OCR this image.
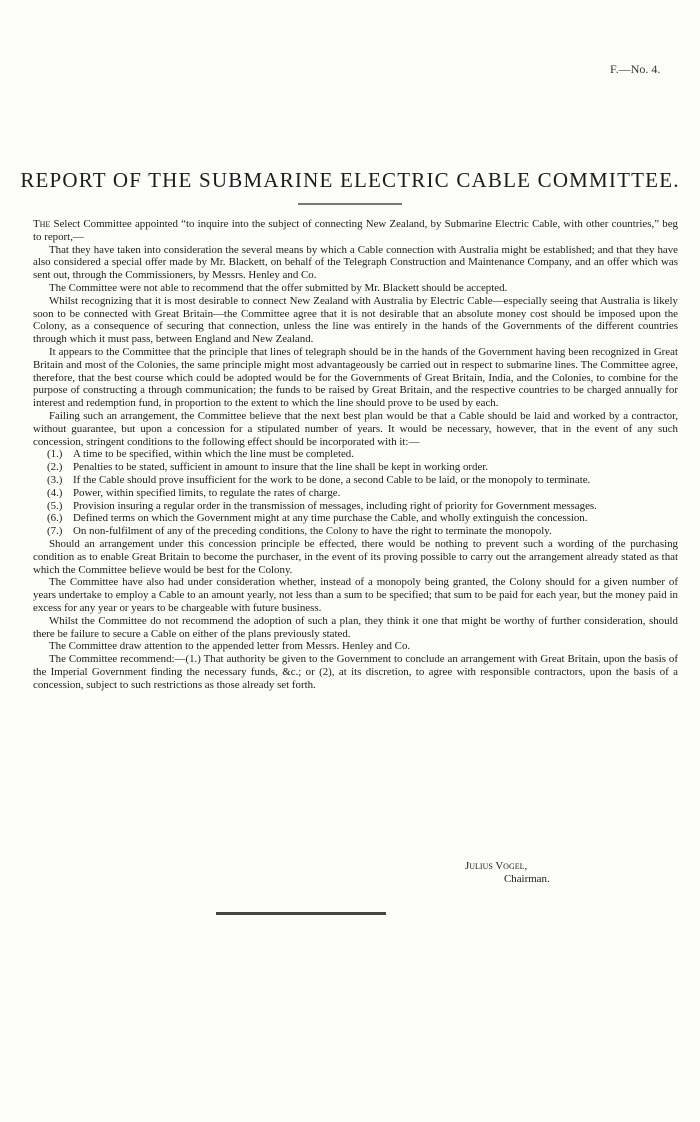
F.—No. 4.
REPORT OF THE SUBMARINE ELECTRIC CABLE COMMITTEE.

The Select Committee appointed “to inquire into the subject of connecting New Zealand, by Submarine Electric Cable, with other countries,” beg to report,—

That they have taken into consideration the several means by which a Cable connection with Australia might be established; and that they have also considered a special offer made by Mr. Blackett, on behalf of the Telegraph Construction and Maintenance Company, and an offer which was sent out, through the Commissioners, by Messrs. Henley and Co.

The Committee were not able to recommend that the offer submitted by Mr. Blackett should be accepted.

Whilst recognizing that it is most desirable to connect New Zealand with Australia by Electric Cable—especially seeing that Australia is likely soon to be connected with Great Britain—the Committee agree that it is not desirable that an absolute money cost should be imposed upon the Colony, as a consequence of securing that connection, unless the line was entirely in the hands of the Governments of the different countries through which it must pass, between England and New Zealand.

It appears to the Committee that the principle that lines of telegraph should be in the hands of the Government having been recognized in Great Britain and most of the Colonies, the same principle might most advantageously be carried out in respect to submarine lines. The Committee agree, therefore, that the best course which could be adopted would be for the Governments of Great Britain, India, and the Colonies, to combine for the purpose of constructing a through communication; the funds to be raised by Great Britain, and the respective countries to be charged annually for interest and redemption fund, in proportion to the extent to which the line should prove to be used by each.

Failing such an arrangement, the Committee believe that the next best plan would be that a Cable should be laid and worked by a contractor, without guarantee, but upon a concession for a stipulated number of years. It would be necessary, however, that in the event of any such concession, stringent conditions to the following effect should be incorporated with it:—

(1.) A time to be specified, within which the line must be completed.
(2.) Penalties to be stated, sufficient in amount to insure that the line shall be kept in working order.
(3.) If the Cable should prove insufficient for the work to be done, a second Cable to be laid, or the monopoly to terminate.
(4.) Power, within specified limits, to regulate the rates of charge.
(5.) Provision insuring a regular order in the transmission of messages, including right of priority for Government messages.
(6.) Defined terms on which the Government might at any time purchase the Cable, and wholly extinguish the concession.
(7.) On non-fulfilment of any of the preceding conditions, the Colony to have the right to terminate the monopoly.

Should an arrangement under this concession principle be effected, there would be nothing to prevent such a wording of the purchasing condition as to enable Great Britain to become the purchaser, in the event of its proving possible to carry out the arrangement already stated as that which the Committee believe would be best for the Colony.

The Committee have also had under consideration whether, instead of a monopoly being granted, the Colony should for a given number of years undertake to employ a Cable to an amount yearly, not less than a sum to be specified; that sum to be paid for each year, but the money paid in excess for any year or years to be chargeable with future business.

Whilst the Committee do not recommend the adoption of such a plan, they think it one that might be worthy of further consideration, should there be failure to secure a Cable on either of the plans previously stated.

The Committee draw attention to the appended letter from Messrs. Henley and Co.

The Committee recommend:—(1.) That authority be given to the Government to conclude an arrangement with Great Britain, upon the basis of the Imperial Government finding the necessary funds, &c.; or (2), at its discretion, to agree with responsible contractors, upon the basis of a concession, subject to such restrictions as those already set forth.

Julius Vogel,
Chairman.
